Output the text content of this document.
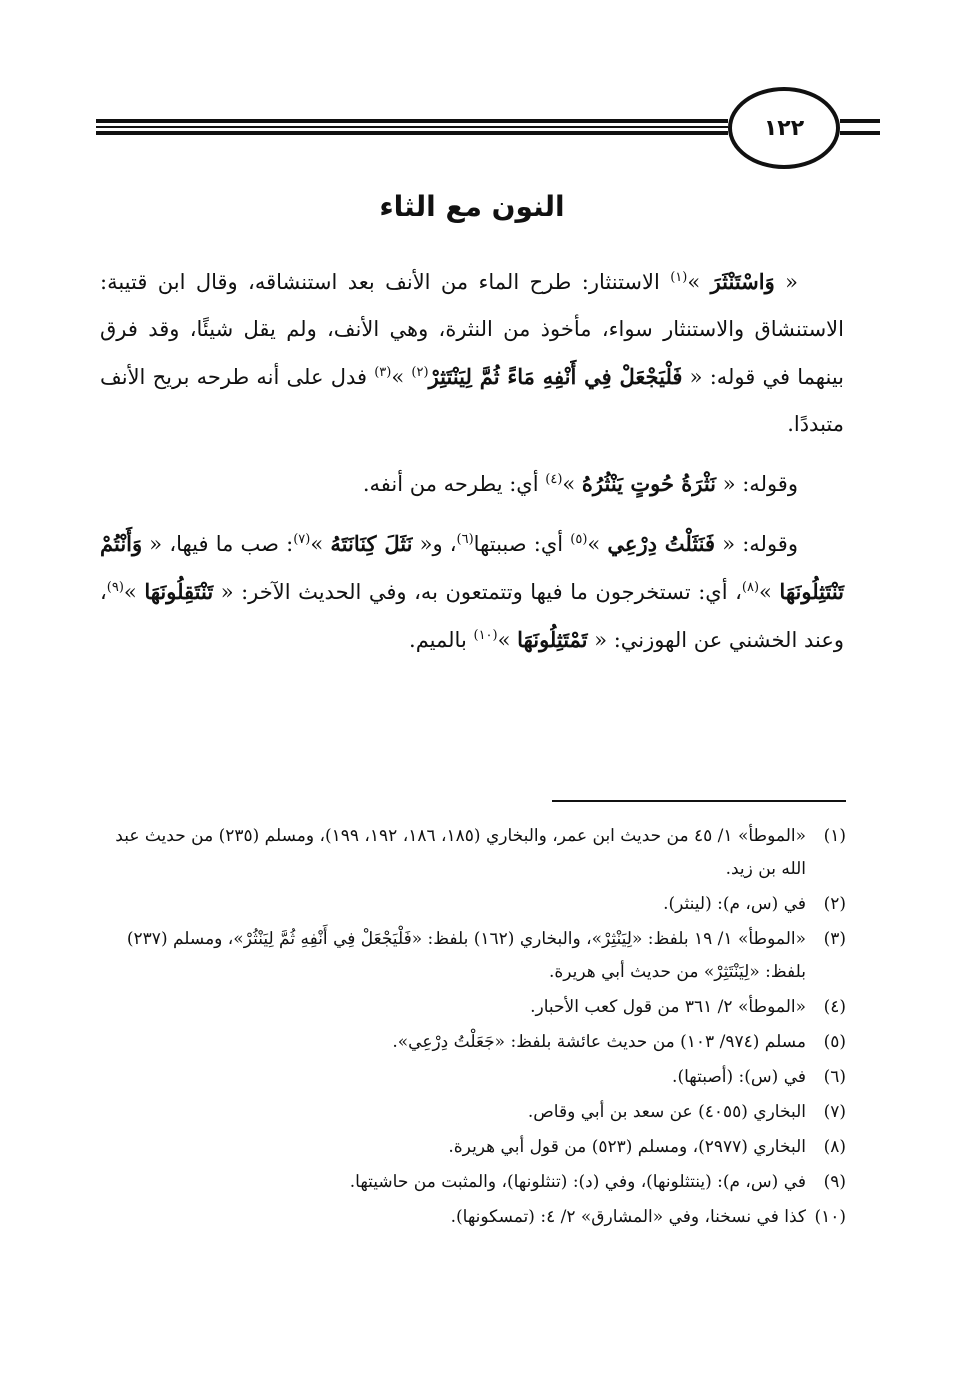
١٢٢
النون مع الثاء

« وَاسْتَنْثَرَ »$^{(١)}$ الاستنثار: طرح الماء من الأنف بعد استنشاقه، وقال ابن قتيبة: الاستنشاق والاستنثار سواء، مأخوذ من النثرة، وهي الأنف، ولم يقل شيئًا، وقد فرق بينهما في قوله: « فَلْيَجْعَلْ فِي أَنْفِهِ مَاءً ثُمَّ لِيَنْتَثِرْ$^{(٢)}$ »$^{(٣)}$ فدل على أنه طرحه بريح الأنف متبددًا.

وقوله: « نَثْرَةُ حُوتٍ يَنْثُرُهُ »$^{(٤)}$ أي: يطرحه من أنفه.

وقوله: « فَنَثَلْتُ دِرْعِي »$^{(٥)}$ أي: صببتها$^{(٦)}$، و« نَثَلَ كِنَانَتَهُ »$^{(٧)}$: صب ما فيها، « وَأَنْتُمْ تَنْتَثِلُونَهَا »$^{(٨)}$، أي: تستخرجون ما فيها وتتمتعون به، وفي الحديث الآخر: « تَنْتَقِلُونَهَا »$^{(٩)}$، وعند الخشني عن الهوزني: « تَمْتَثِلُونَهَا »$^{(١٠)}$ بالميم.

(١)
«الموطأ» ١/ ٤٥ من حديث ابن عمر، والبخاري (١٨٥، ١٨٦، ١٩٢، ١٩٩)، ومسلم (٢٣٥) من حديث عبد الله بن زيد.

(٢)
في (س، م): (لينثر).

(٣)
«الموطأ» ١/ ١٩ بلفظ: «لِيَنْثِرْ»، والبخاري (١٦٢) بلفظ: «فَلْيَجْعَلْ فِي أَنْفِهِ ثُمَّ لِيَنْثُرْ»، ومسلم (٢٣٧) بلفظ: «لِيَنْتَثِرْ» من حديث أبي هريرة.

(٤)
«الموطأ» ٢/ ٣٦١ من قول كعب الأحبار.

(٥)
مسلم (٩٧٤/ ١٠٣) من حديث عائشة بلفظ: «جَعَلْتُ دِرْعِي».

(٦)
في (س): (أصبتها).

(٧)
البخاري (٤٠٥٥) عن سعد بن أبي وقاص.

(٨)
البخاري (٢٩٧٧)، ومسلم (٥٢٣) من قول أبي هريرة.

(٩)
في (س، م): (ينتثلونها)، وفي (د): (تنثلونها)، والمثبت من حاشيتها.

(١٠)
كذا في نسخنا، وفي «المشارق» ٢/ ٤: (تمسكونها).
